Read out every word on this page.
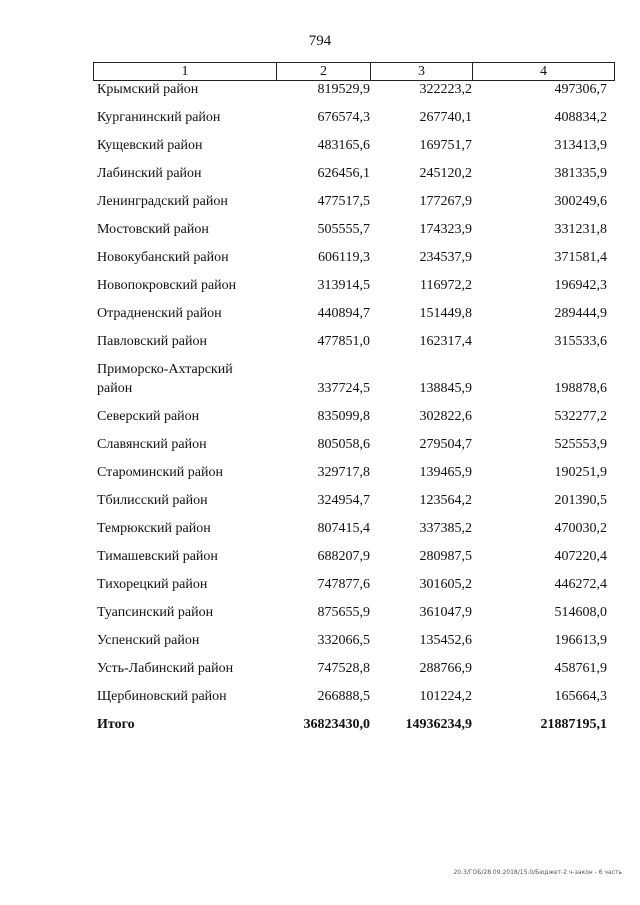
794
1	2	3	4
Крымский район	819529,9	322223,2	497306,7
Курганинский район	676574,3	267740,1	408834,2
Кущевский район	483165,6	169751,7	313413,9
Лабинский район	626456,1	245120,2	381335,9
Ленинградский район	477517,5	177267,9	300249,6
Мостовский район	505555,7	174323,9	331231,8
Новокубанский район	606119,3	234537,9	371581,4
Новопокровский район	313914,5	116972,2	196942,3
Отрадненский район	440894,7	151449,8	289444,9
Павловский район	477851,0	162317,4	315533,6
Приморско-Ахтарский
район	337724,5	138845,9	198878,6
Северский район	835099,8	302822,6	532277,2
Славянский район	805058,6	279504,7	525553,9
Староминский район	329717,8	139465,9	190251,9
Тбилисский район	324954,7	123564,2	201390,5
Темрюкский район	807415,4	337385,2	470030,2
Тимашевский район	688207,9	280987,5	407220,4
Тихорецкий район	747877,6	301605,2	446272,4
Туапсинский район	875655,9	361047,9	514608,0
Успенский район	332066,5	135452,6	196613,9
Усть-Лабинский район	747528,8	288766,9	458761,9
Щербиновский район	266888,5	101224,2	165664,3
Итого	36823430,0	14936234,9	21887195,1
20.3/ГОБ/28.09.2018/15.0/Бюджет-2 ч-закон - 6 часть
